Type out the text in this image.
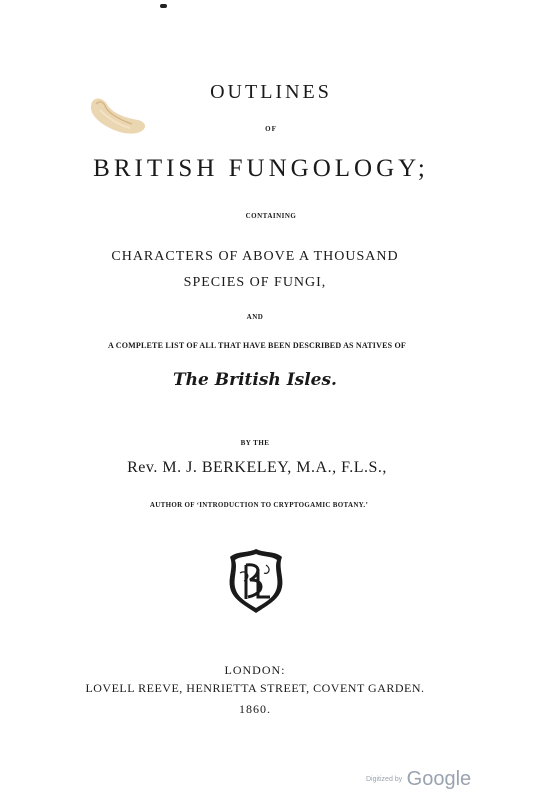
OUTLINES
OF
BRITISH FUNGOLOGY;
CONTAINING
CHARACTERS OF ABOVE A THOUSAND
SPECIES OF FUNGI,
AND
A COMPLETE LIST OF ALL THAT HAVE BEEN DESCRIBED AS NATIVES OF
The British Isles.
BY THE
Rev. M. J. BERKELEY, M.A., F.L.S.,
AUTHOR OF ‘INTRODUCTION TO CRYPTOGAMIC BOTANY.’
LONDON:
LOVELL REEVE, HENRIETTA STREET, COVENT GARDEN.
1860.
Digitized by Google
